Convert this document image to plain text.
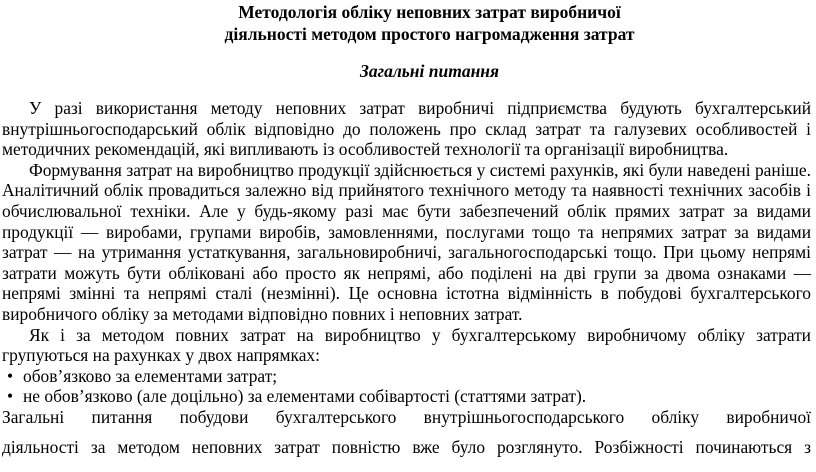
Методологія обліку неповних затрат виробничої
діяльності методом простого нагромадження затрат
Загальні питання

У разі використання методу неповних затрат виробничі підприємства будують бухгалтерський внутрішньогосподарський облік відповідно до положень про склад затрат та галузевих особливостей і методичних рекомендацій, які випливають із особливостей технології та організації виробництва.

Формування затрат на виробництво продукції здійснюється у системі рахунків, які були наведені раніше. Аналітичний облік провадиться залежно від прийнятого технічного методу та наявності технічних засобів і обчислювальної техніки. Але у будь-якому разі має бути забезпечений облік прямих затрат за видами продукції — виробами, групами виробів, замовленнями, послугами тощо та непрямих затрат за видами затрат — на утримання устаткування, загальновиробничі, загальногосподарські тощо. При цьому непрямі затрати можуть бути обліковані або просто як непрямі, або поділені на дві групи за двома ознаками — непрямі змінні та непрямі сталі (незмінні). Це основна істотна відмінність в побудові бухгалтерського виробничого обліку за методами відповідно повних і неповних затрат.

Як і за методом повних затрат на виробництво у бухгалтерському виробничому обліку затрати групуються на рахунках у двох напрямках:

• обов’язково за елементами затрат;
• не обов’язково (але доцільно) за елементами собівартості (статтями затрат).

Загальні питання побудови бухгалтерського внутрішньогосподарського обліку виробничої

діяльності за методом неповних затрат повністю вже було розглянуто. Розбіжності починаються з
